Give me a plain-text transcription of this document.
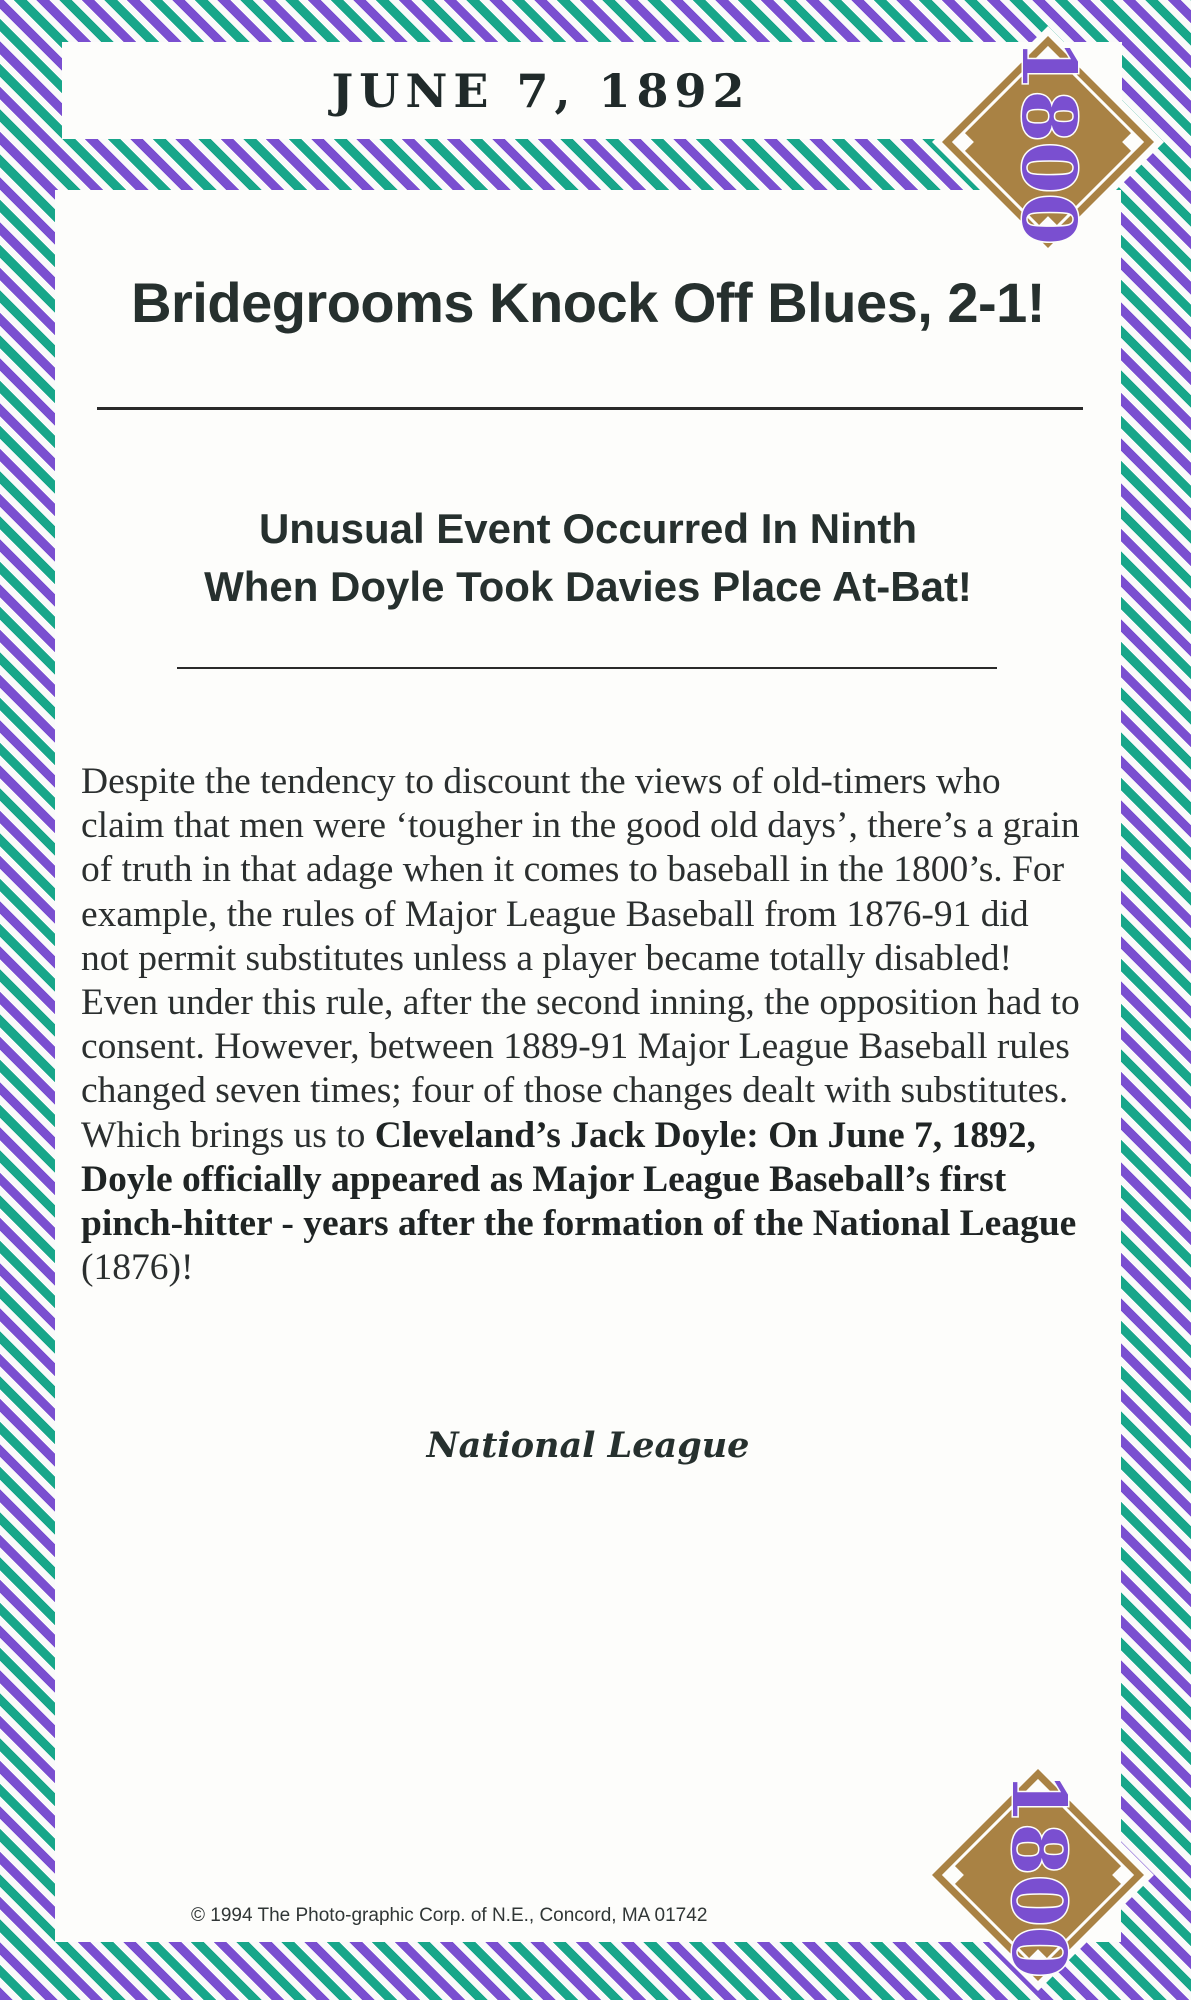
JUNE 7, 1892
Bridegrooms Knock Off Blues, 2-1!
Unusual Event Occurred In Ninth
When Doyle Took Davies Place At-Bat!
Despite the tendency to discount the views of old-timers who claim that men were ‘tougher in the good old days’, there’s a grain of truth in that adage when it comes to baseball in the 1800’s. For example, the rules of Major League Baseball from 1876-91 did not permit substitutes unless a player became totally disabled! Even under this rule, after the second inning, the opposition had to consent. However, between 1889-91 Major League Baseball rules changed seven times; four of those changes dealt with substitutes. Which brings us to Cleveland’s Jack Doyle: On June 7, 1892, Doyle officially appeared as Major League Baseball’s first pinch-hitter - years after the formation of the National League (1876)!
National League
© 1994 The Photo-graphic Corp. of N.E., Concord, MA 01742
1800
1800
